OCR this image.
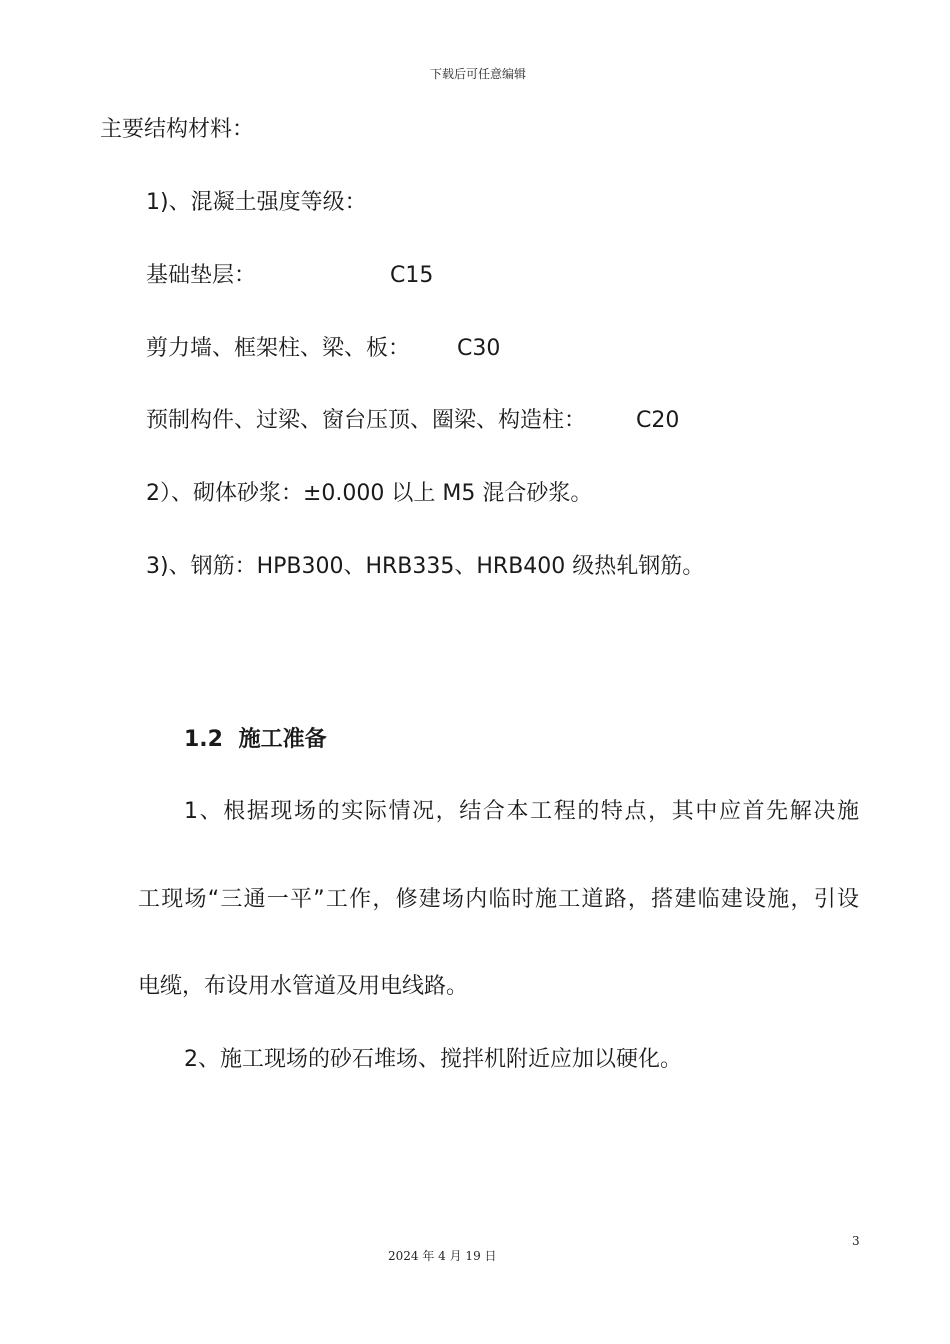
下载后可任意编辑
主要结构材料：
1)、混凝土强度等级：
基础垫层：	C15
剪力墙、框架柱、梁、板： C30
预制构件、过梁、窗台压顶、圈梁、构造柱： C20
2）、砌体砂浆：±0.000 以上 M5 混合砂浆。
3)、钢筋：HPB300、HRB335、HRB400 级热轧钢筋。
1.2 施工准备
1、根据现场的实际情况，结合本工程的特点，其中应首先解决施
工现场“三通一平”工作，修建场内临时施工道路，搭建临建设施，引设
电缆，布设用水管道及用电线路。
2、施工现场的砂石堆场、搅拌机附近应加以硬化。
3
2024 年 4 月 19 日
